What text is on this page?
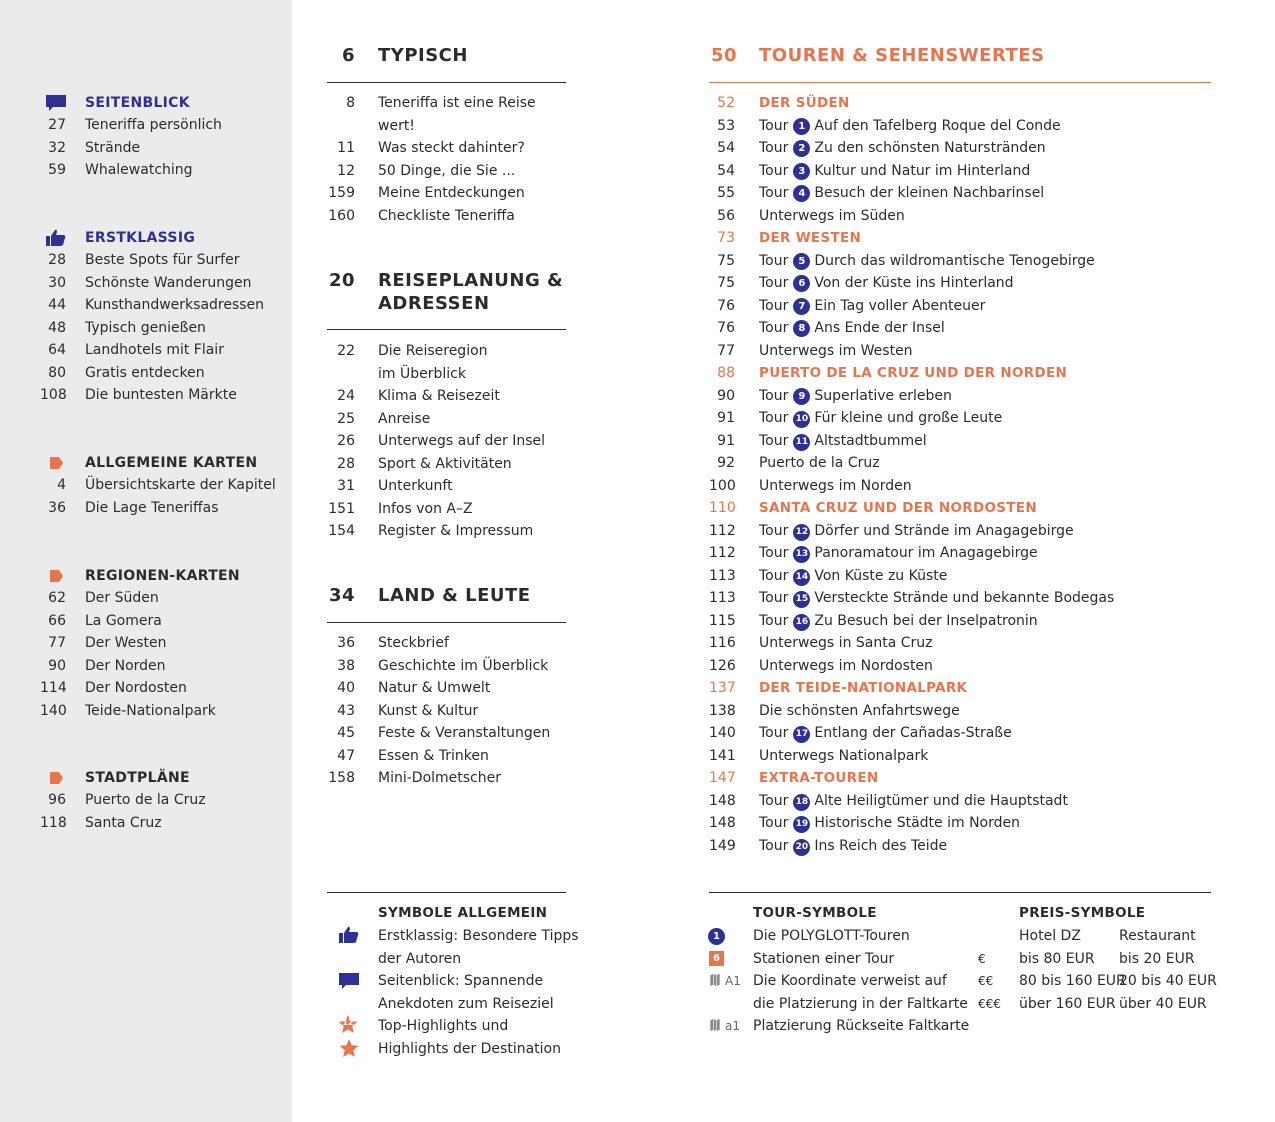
SEITENBLICK
27 Teneriffa persönlich
32 Strände
59 Whalewatching
ERSTKLASSIG
28 Beste Spots für Surfer
30 Schönste Wanderungen
44 Kunsthandwerksadressen
48 Typisch genießen
64 Landhotels mit Flair
80 Gratis entdecken
108 Die buntesten Märkte
ALLGEMEINE KARTEN
4 Übersichtskarte der Kapitel
36 Die Lage Teneriffas
REGIONEN-KARTEN
62 Der Süden
66 La Gomera
77 Der Westen
90 Der Norden
114 Der Nordosten
140 Teide-Nationalpark
STADTPLÄNE
96 Puerto de la Cruz
118 Santa Cruz
6 TYPISCH
8 Teneriffa ist eine Reise
wert!
11 Was steckt dahinter?
12 50 Dinge, die Sie ...
159 Meine Entdeckungen
160 Checkliste Teneriffa
20 REISEPLANUNG &
ADRESSEN
22 Die Reiseregion
im Überblick
24 Klima & Reisezeit
25 Anreise
26 Unterwegs auf der Insel
28 Sport & Aktivitäten
31 Unterkunft
151 Infos von A–Z
154 Register & Impressum
34 LAND & LEUTE
36 Steckbrief
38 Geschichte im Überblick
40 Natur & Umwelt
43 Kunst & Kultur
45 Feste & Veranstaltungen
47 Essen & Trinken
158 Mini-Dolmetscher
50 TOUREN & SEHENSWERTES
52 DER SÜDEN
53 Tour 1 Auf den Tafelberg Roque del Conde
54 Tour 2 Zu den schönsten Naturstränden
54 Tour 3 Kultur und Natur im Hinterland
55 Tour 4 Besuch der kleinen Nachbarinsel
56 Unterwegs im Süden
73 DER WESTEN
75 Tour 5 Durch das wildromantische Tenogebirge
75 Tour 6 Von der Küste ins Hinterland
76 Tour 7 Ein Tag voller Abenteuer
76 Tour 8 Ans Ende der Insel
77 Unterwegs im Westen
88 PUERTO DE LA CRUZ UND DER NORDEN
90 Tour 9 Superlative erleben
91 Tour 10 Für kleine und große Leute
91 Tour 11 Altstadtbummel
92 Puerto de la Cruz
100 Unterwegs im Norden
110 SANTA CRUZ UND DER NORDOSTEN
112 Tour 12 Dörfer und Strände im Anagagebirge
112 Tour 13 Panoramatour im Anagagebirge
113 Tour 14 Von Küste zu Küste
113 Tour 15 Versteckte Strände und bekannte Bodegas
115 Tour 16 Zu Besuch bei der Inselpatronin
116 Unterwegs in Santa Cruz
126 Unterwegs im Nordosten
137 DER TEIDE-NATIONALPARK
138 Die schönsten Anfahrtswege
140 Tour 17 Entlang der Cañadas-Straße
141 Unterwegs Nationalpark
147 EXTRA-TOUREN
148 Tour 18 Alte Heiligtümer und die Hauptstadt
148 Tour 19 Historische Städte im Norden
149 Tour 20 Ins Reich des Teide
SYMBOLE ALLGEMEIN
Erstklassig: Besondere Tipps
der Autoren
Seitenblick: Spannende
Anekdoten zum Reiseziel
Top-Highlights und
Highlights der Destination
12
TOUR-SYMBOLE
Die POLYGLOTT-Touren
Stationen einer Tour
Die Koordinate verweist auf
die Platzierung in der Faltkarte
Platzierung Rückseite Faltkarte
1
6
A1
a1
PREIS-SYMBOLE
Hotel DZ	Restaurant
€ bis 80 EUR bis 20 EUR
€€ 80 bis 160 EUR
20 bis 40 EUR
€€€ über 160 EUR über 40 EUR
